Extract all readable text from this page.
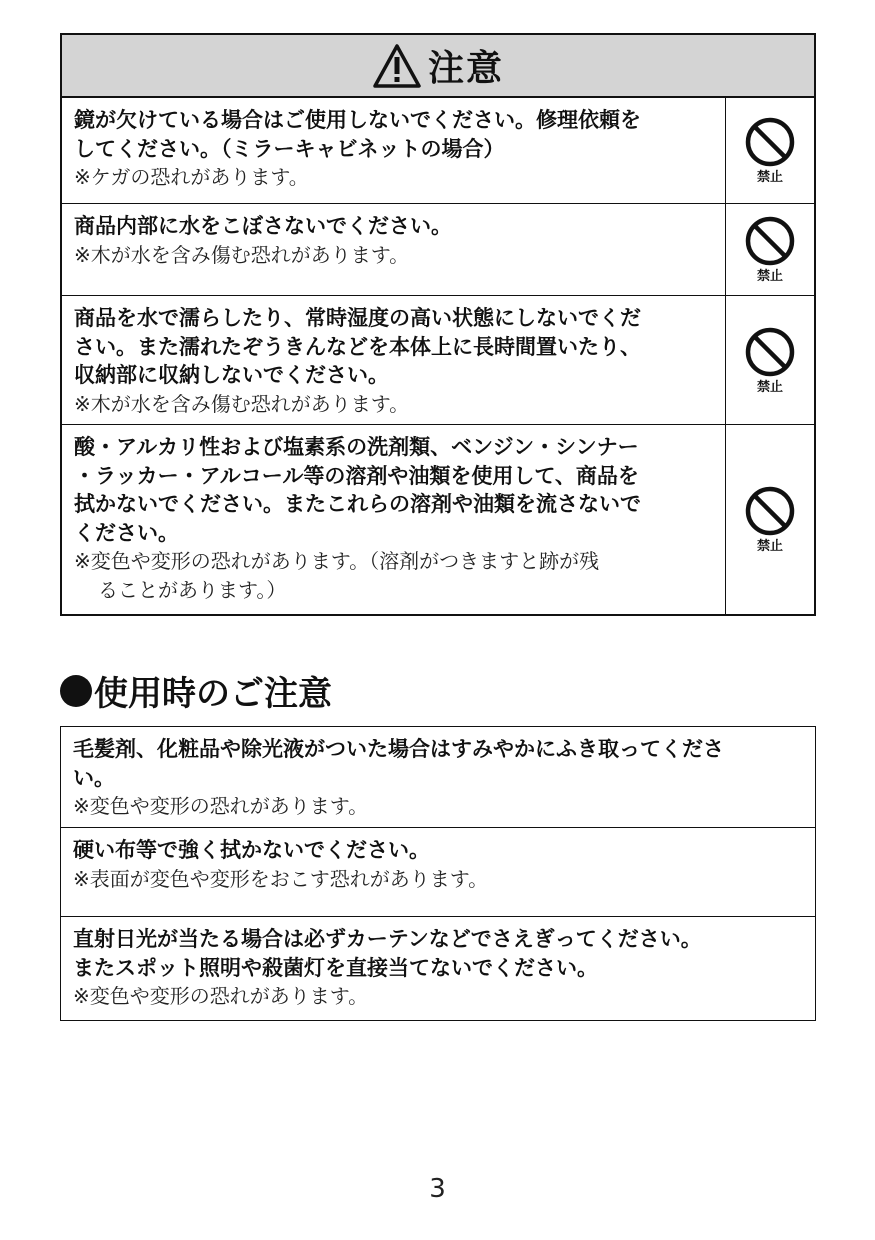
注意
鏡が欠けている場合はご使用しないでください。修理依頼を
してください。（ミラーキャビネットの場合）
※ケガの恐れがあります。	禁止
商品内部に水をこぼさないでください。
※木が水を含み傷む恐れがあります。
禁止
商品を水で濡らしたり、常時湿度の高い状態にしないでくだ
さい。また濡れたぞうきんなどを本体上に長時間置いたり、
収納部に収納しないでください。
※木が水を含み傷む恐れがあります。
禁止
酸・アルカリ性および塩素系の洗剤類、ベンジン・シンナー
・ラッカー・アルコール等の溶剤や油類を使用して、商品を
拭かないでください。またこれらの溶剤や油類を流さないで
ください。
※変色や変形の恐れがあります。（溶剤がつきますと跡が残
ることがあります。）
禁止
使用時のご注意
毛髪剤、化粧品や除光液がついた場合はすみやかにふき取ってくださ
い。
※変色や変形の恐れがあります。
硬い布等で強く拭かないでください。
※表面が変色や変形をおこす恐れがあります。
直射日光が当たる場合は必ずカーテンなどでさえぎってください。
またスポット照明や殺菌灯を直接当てないでください。
※変色や変形の恐れがあります。
3
